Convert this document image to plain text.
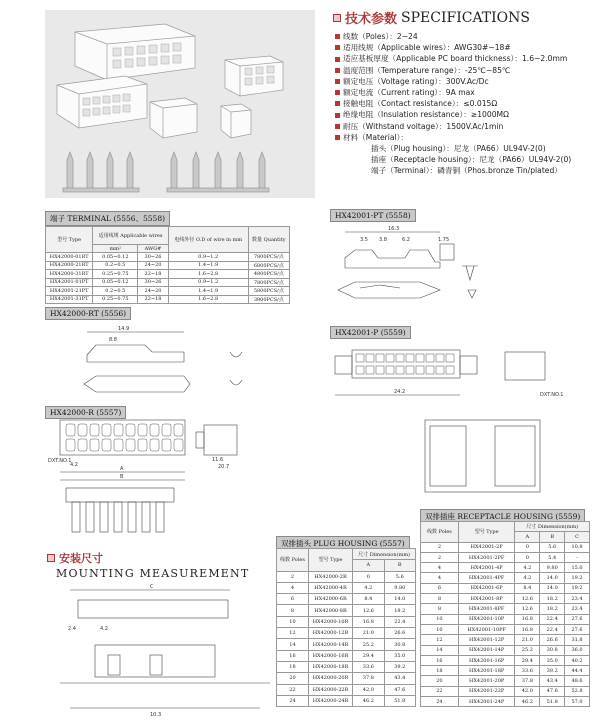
技术参数 SPECIFICATIONS
线数（Poles）：2~24
适用线规（Applicable wires）：AWG30#~18#
适应基板厚度（Applicable PC board thickness）：1.6~2.0mm
温度范围（Temperature range）：-25℃~85℃
额定电压（Voltage rating）：300V.Ac/Dc
额定电流（Current rating）：9A max
接触电阻（Contact resistance）：≤0.015Ω
绝缘电阻（Insulation resistance）：≥1000MΩ
耐压（Withstand voltage）：1500V.Ac/1min
材料（Material）：
插头（Plug housing）：尼龙（PA66）UL94V-2(0)
插座（Receptacle housing）：尼龙（PA66）UL94V-2(0)
端子（Terminal）：磷青铜（Phos.bronze Tin/plated）
端子 TERMINAL (5556、5558)
型号 Type	适用线规 Applicable wires		电线外径 O.D of wire in mm	数量 Quantity
	mm²	AWG#		
HX42000-01RT	0.05~0.12	30~26	0.9~1.2	7800PCS/点
HX42000-21RT	0.2~0.5	24~20	1.4~1.9	6800PCS/点
HX42000-31RT	0.25~0.75	22~18	1.6~2.8	4800PCS/点
HX42001-01PT	0.05~0.12	30~26	0.9~1.2	7800PCS/点
HX42001-21PT	0.2~0.5	24~20	1.4~1.9	5800PCS/点
HX42001-31PT	0.25~0.75	22~18	1.6~2.8	3800PCS/点
HX42001-PT (5558)
HX42000-RT (5556)
HX42001-P (5559)
HX42000-R (5557)
16.3
3.5 3.8	6.2	1.75
14.9
8.8
24.2	DXT.NO.1
DXT.NO.1
4.2
A
B
11.6
20.7
C
2.4	4.2
10.3
安装尺寸
MOUNTING MEASUREMENT
双排插头 PLUG HOUSING (5557)
线数 Poles	型号 Type	尺寸 Dimension(mm)	
		A	B
2	HX42000-2R	0	5.6
4	HX42000-4R	4.2	9.80
6	HX42000-6R	8.4	14.0
8	HX42000-8R	12.6	18.2
10	HX42000-10R	16.8	22.4
12	HX42000-12R	21.0	26.6
14	HX42000-14R	25.2	30.8
16	HX42000-16R	29.4	35.0
18	HX42000-18R	33.6	39.2
20	HX42000-20R	37.8	43.4
22	HX42000-22R	42.0	47.6
24	HX42000-24R	46.2	51.8
双排插座 RECEPTACLE HOUSING (5559)
线数 Poles	型号 Type	尺寸 Dimension(mm)		
		A	B	C
2	HX42001-2P	0	5.6	10.8
2	HX42001-2PF	0	5.4	-
4	HX42001-4P	4.2	9.80	15.0
4	HX42001-4PF	4.2	14.0	19.2
6	HX42001-6P	8.4	14.0	19.2
8	HX42001-8P	12.6	18.2	23.4
8	HX42001-8PF	12.6	18.2	23.4
10	HX42001-10P	16.8	22.4	27.6
10	HX42001-10PF	16.8	22.4	27.6
12	HX42001-12P	21.0	26.6	31.8
14	HX42001-14P	25.2	30.8	36.0
16	HX42001-16P	29.4	35.0	40.2
18	HX42001-18P	33.6	39.2	44.4
20	HX42001-20P	37.8	43.4	48.6
22	HX42001-22P	42.0	47.6	52.8
24	HX42001-24P	46.2	51.8	57.0
